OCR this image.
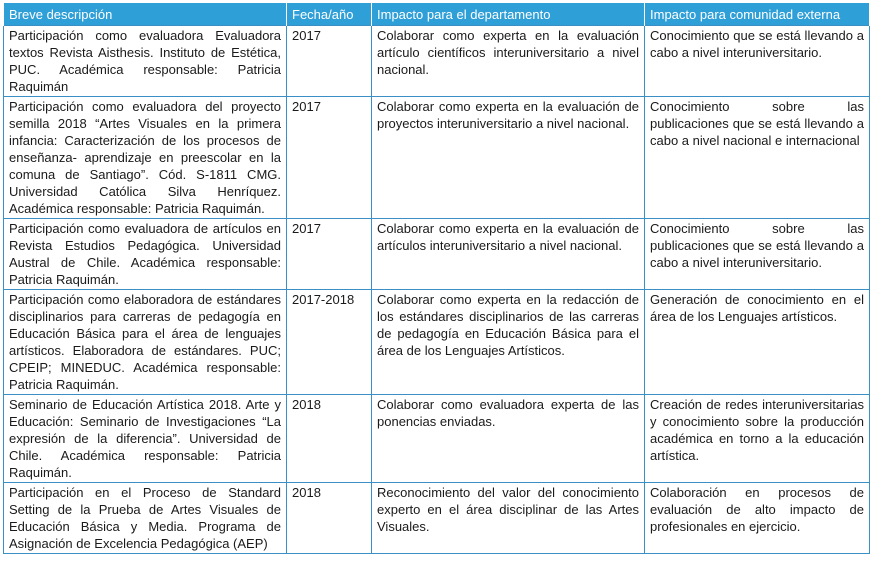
Breve descripción	Fecha/año	Impacto para el departamento	Impacto para comunidad externa
Participación como evaluadora Evaluadora textos Revista Aisthesis. Instituto de Estética, PUC. Académica responsable: Patricia Raquimán	2017	Colaborar como experta en la evaluación artículo científicos interuniversitario a nivel nacional.	Conocimiento que se está llevando a cabo a nivel interuniversitario.
Participación como evaluadora del proyecto semilla 2018 “Artes Visuales en la primera infancia: Caracterización de los procesos de enseñanza- aprendizaje en preescolar en la comuna de Santiago”. Cód. S-1811 CMG. Universidad Católica Silva Henríquez. Académica responsable: Patricia Raquimán.	2017	Colaborar como experta en la evaluación de proyectos interuniversitario a nivel nacional.	Conocimiento sobre las publicaciones que se está llevando a cabo a nivel nacional e internacional
Participación como evaluadora de artículos en Revista Estudios Pedagógica. Universidad Austral de Chile. Académica responsable: Patricia Raquimán.	2017	Colaborar como experta en la evaluación de artículos interuniversitario a nivel nacional.	Conocimiento sobre las publicaciones que se está llevando a cabo a nivel interuniversitario.
Participación como elaboradora de estándares disciplinarios para carreras de pedagogía en Educación Básica para el área de lenguajes artísticos. Elaboradora de estándares. PUC; CPEIP; MINEDUC. Académica responsable: Patricia Raquimán.	2017-2018	Colaborar como experta en la redacción de los estándares disciplinarios de las carreras de pedagogía en Educación Básica para el área de los Lenguajes Artísticos.	Generación de conocimiento en el área de los Lenguajes artísticos.
Seminario de Educación Artística 2018. Arte y Educación: Seminario de Investigaciones “La expresión de la diferencia”. Universidad de Chile. Académica responsable: Patricia Raquimán.	2018	Colaborar como evaluadora experta de las ponencias enviadas.	Creación de redes interuniversitarias y conocimiento sobre la producción académica en torno a la educación artística.
Participación en el Proceso de Standard Setting de la Prueba de Artes Visuales de Educación Básica y Media. Programa de Asignación de Excelencia Pedagógica (AEP)	2018	Reconocimiento del valor del conocimiento experto en el área disciplinar de las Artes Visuales.	Colaboración en procesos de evaluación de alto impacto de profesionales en ejercicio.
